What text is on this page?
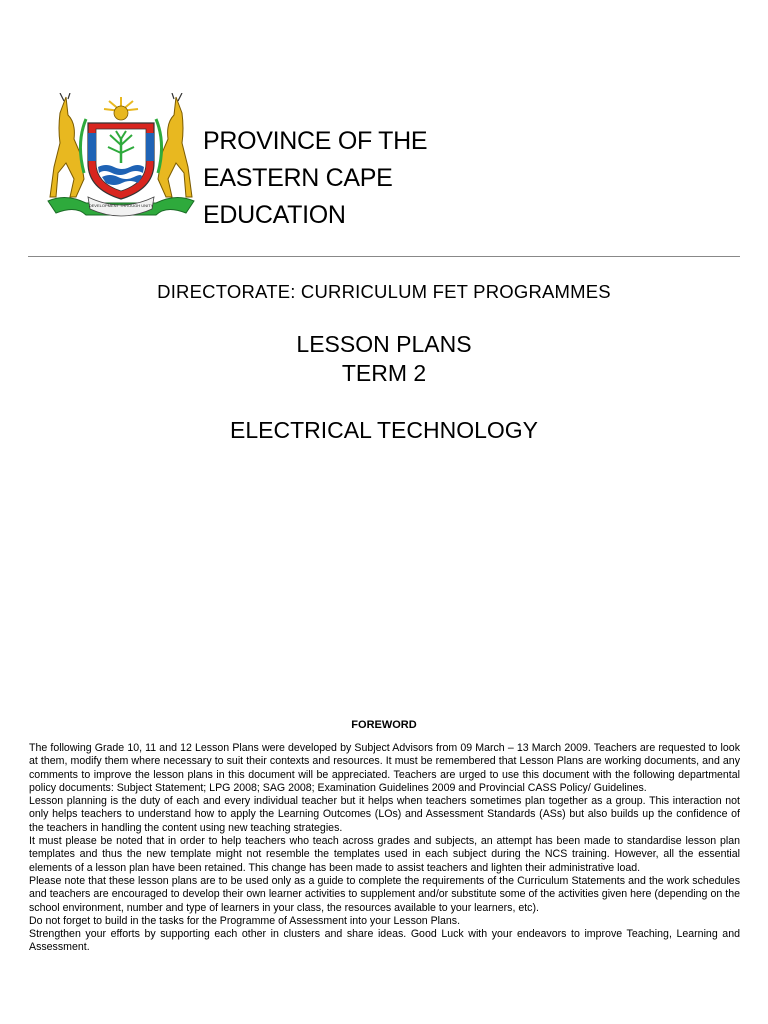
DEVELOPMENT THROUGH UNITY
PROVINCE OF THE
EASTERN CAPE
EDUCATION
DIRECTORATE: CURRICULUM FET PROGRAMMES
LESSON PLANS
TERM 2
ELECTRICAL TECHNOLOGY
FOREWORD

The following Grade 10, 11 and 12 Lesson Plans were developed by Subject Advisors from 09 March – 13 March 2009. Teachers are requested to look at them, modify them where necessary to suit their contexts and resources. It must be remembered that Lesson Plans are working documents, and any comments to improve the lesson plans in this document will be appreciated. Teachers are urged to use this document with the following departmental policy documents: Subject Statement; LPG 2008; SAG 2008; Examination Guidelines 2009 and Provincial CASS Policy/ Guidelines.

Lesson planning is the duty of each and every individual teacher but it helps when teachers sometimes plan together as a group. This interaction not only helps teachers to understand how to apply the Learning Outcomes (LOs) and Assessment Standards (ASs) but also builds up the confidence of the teachers in handling the content using new teaching strategies.

It must please be noted that in order to help teachers who teach across grades and subjects, an attempt has been made to standardise lesson plan templates and thus the new template might not resemble the templates used in each subject during the NCS training. However, all the essential elements of a lesson plan have been retained. This change has been made to assist teachers and lighten their administrative load.

Please note that these lesson plans are to be used only as a guide to complete the requirements of the Curriculum Statements and the work schedules and teachers are encouraged to develop their own learner activities to supplement and/or substitute some of the activities given here (depending on the school environment, number and type of learners in your class, the resources available to your learners, etc).

Do not forget to build in the tasks for the Programme of Assessment into your Lesson Plans.

Strengthen your efforts by supporting each other in clusters and share ideas. Good Luck with your endeavors to improve Teaching, Learning and Assessment.
